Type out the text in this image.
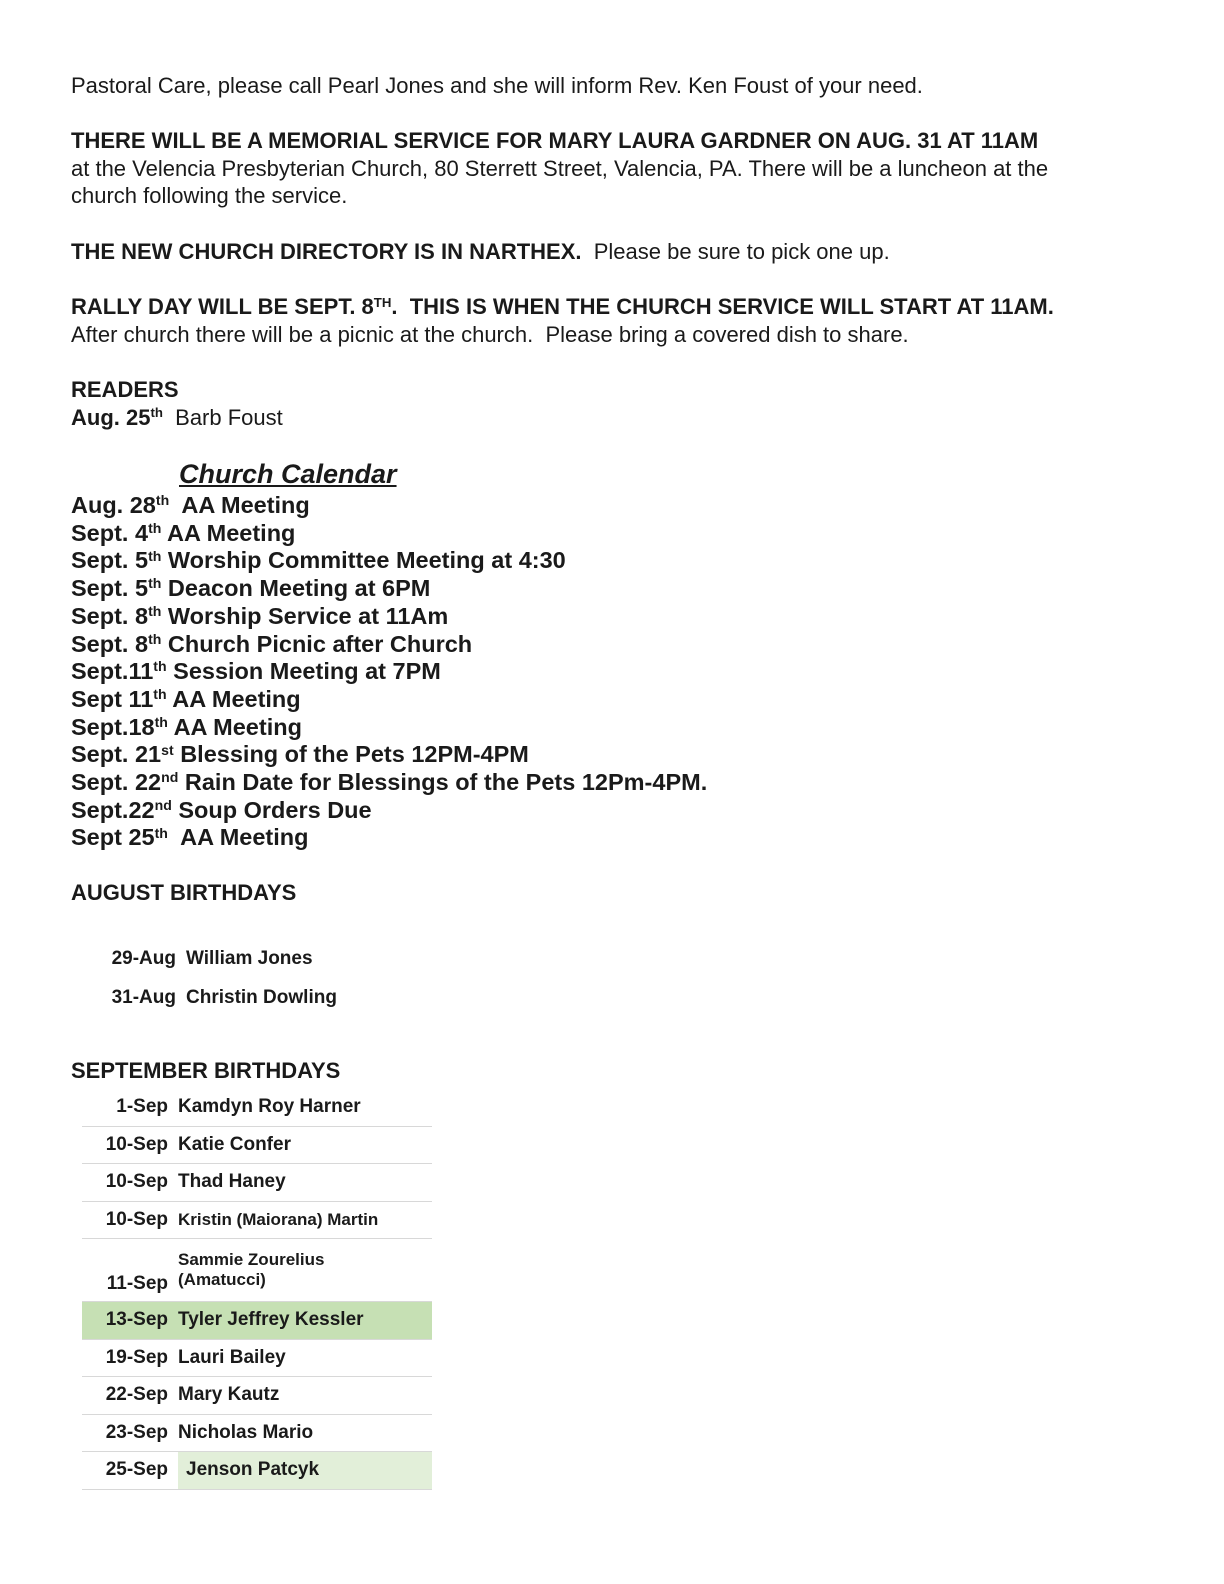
Pastoral Care, please call Pearl Jones and she will inform Rev. Ken Foust of your need.
THERE WILL BE A MEMORIAL SERVICE FOR MARY LAURA GARDNER ON AUG. 31 AT 11AM
at the Velencia Presbyterian Church, 80 Sterrett Street, Valencia, PA. There will be a luncheon at the
church following the service.
THE NEW CHURCH DIRECTORY IS IN NARTHEX.  Please be sure to pick one up.
RALLY DAY WILL BE SEPT. 8TH.  THIS IS WHEN THE CHURCH SERVICE WILL START AT 11AM.
After church there will be a picnic at the church.  Please bring a covered dish to share.
READERS
Aug. 25th  Barb Foust
Church Calendar
Aug. 28th  AA Meeting
Sept. 4th AA Meeting
Sept. 5th Worship Committee Meeting at 4:30
Sept. 5th Deacon Meeting at 6PM
Sept. 8th Worship Service at 11Am
Sept. 8th Church Picnic after Church
Sept.11th Session Meeting at 7PM
Sept 11th AA Meeting
Sept.18th AA Meeting
Sept. 21st Blessing of the Pets 12PM-4PM
Sept. 22nd Rain Date for Blessings of the Pets 12Pm-4PM.
Sept.22nd Soup Orders Due
Sept 25th  AA Meeting
AUGUST BIRTHDAYS
29-Aug	William Jones
31-Aug	Christin Dowling
SEPTEMBER BIRTHDAYS
1-Sep	Kamdyn Roy Harner
10-Sep	Katie Confer
10-Sep	Thad Haney
10-Sep	Kristin (Maiorana) Martin
11-Sep	Sammie Zourelius
(Amatucci)

13-Sep	Tyler Jeffrey Kessler
19-Sep	Lauri Bailey
22-Sep	Mary Kautz
23-Sep	Nicholas Mario
25-Sep	Jenson Patcyk
